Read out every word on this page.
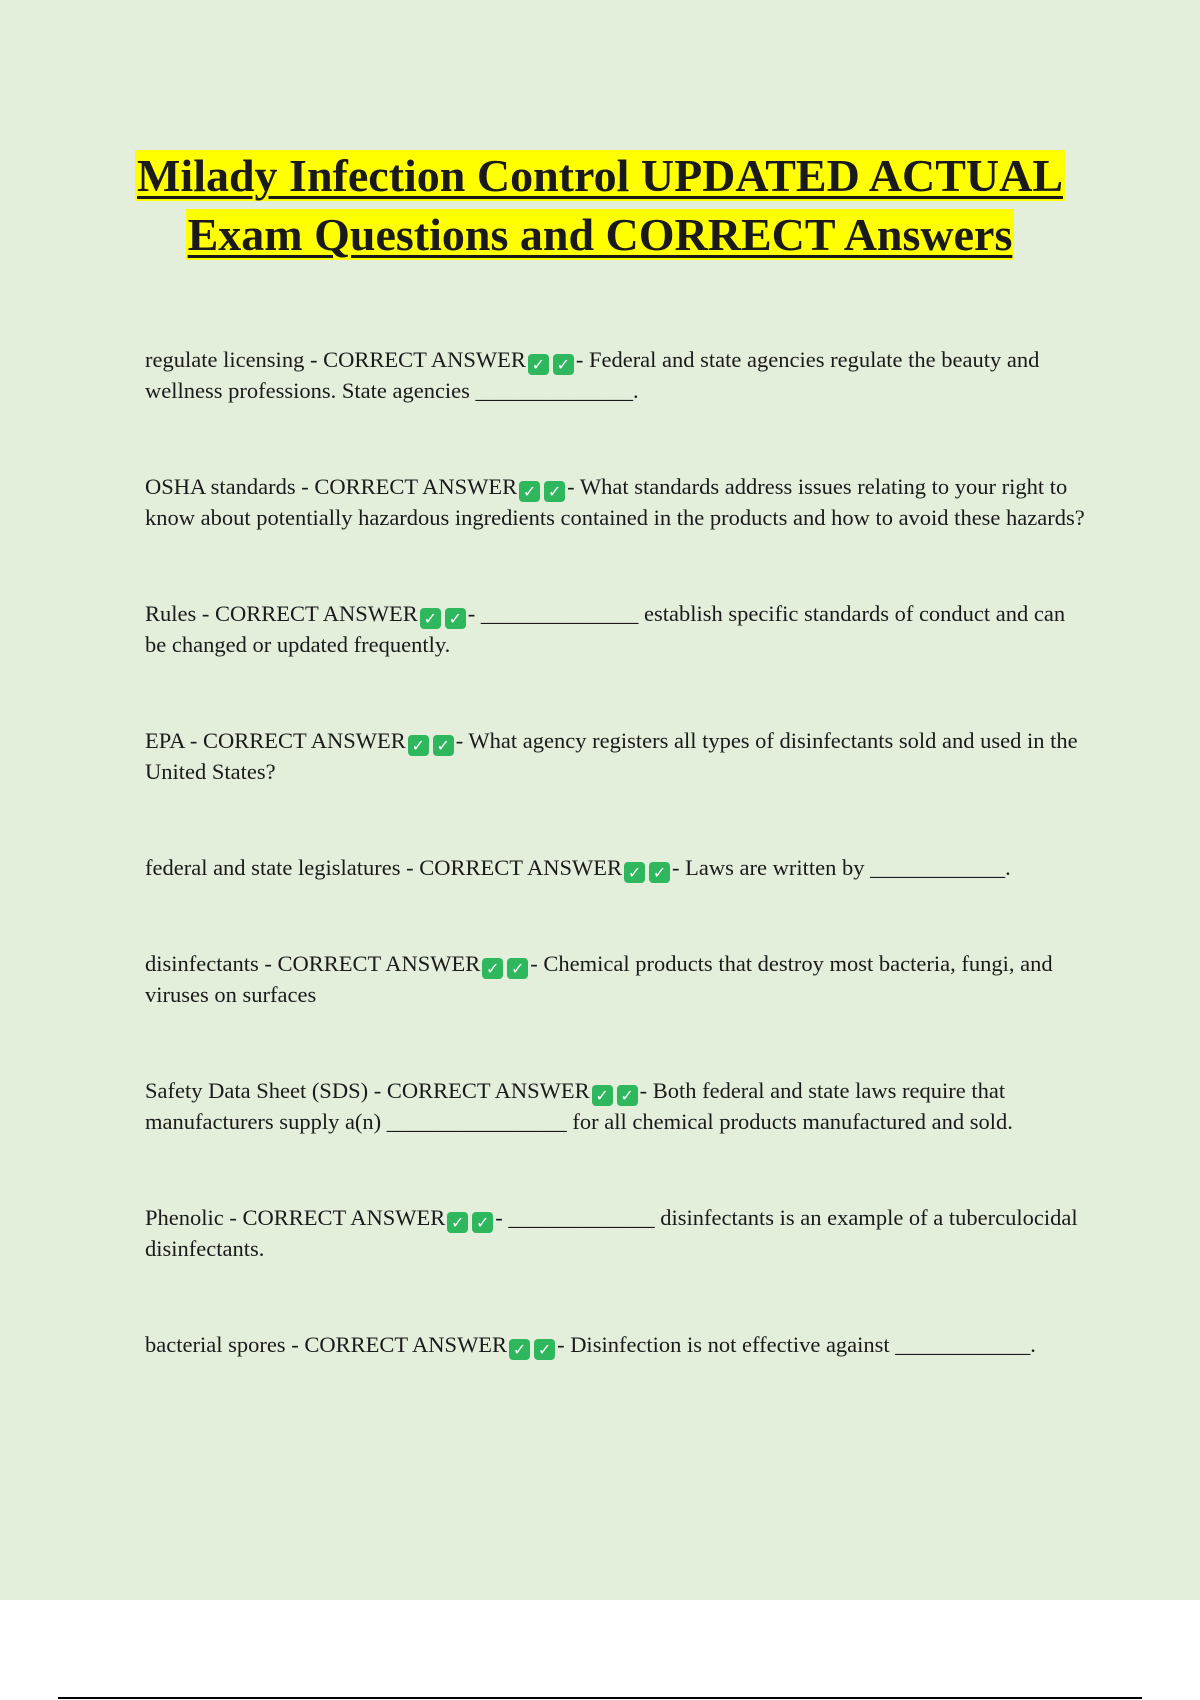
Milady Infection Control UPDATED ACTUAL Exam Questions and CORRECT Answers

regulate licensing - CORRECT ANSWER ✓ ✓ - Federal and state agencies regulate the beauty and wellness professions. State agencies ______________.

OSHA standards - CORRECT ANSWER ✓ ✓ - What standards address issues relating to your right to know about potentially hazardous ingredients contained in the products and how to avoid these hazards?

Rules - CORRECT ANSWER ✓ ✓ - ______________ establish specific standards of conduct and can be changed or updated frequently.

EPA - CORRECT ANSWER ✓ ✓ - What agency registers all types of disinfectants sold and used in the United States?

federal and state legislatures - CORRECT ANSWER ✓ ✓ - Laws are written by ____________.

disinfectants - CORRECT ANSWER ✓ ✓ - Chemical products that destroy most bacteria, fungi, and viruses on surfaces

Safety Data Sheet (SDS) - CORRECT ANSWER ✓ ✓ - Both federal and state laws require that manufacturers supply a(n) ________________ for all chemical products manufactured and sold.

Phenolic - CORRECT ANSWER ✓ ✓ - _____________ disinfectants is an example of a tuberculocidal disinfectants.

bacterial spores - CORRECT ANSWER ✓ ✓ - Disinfection is not effective against ____________.
